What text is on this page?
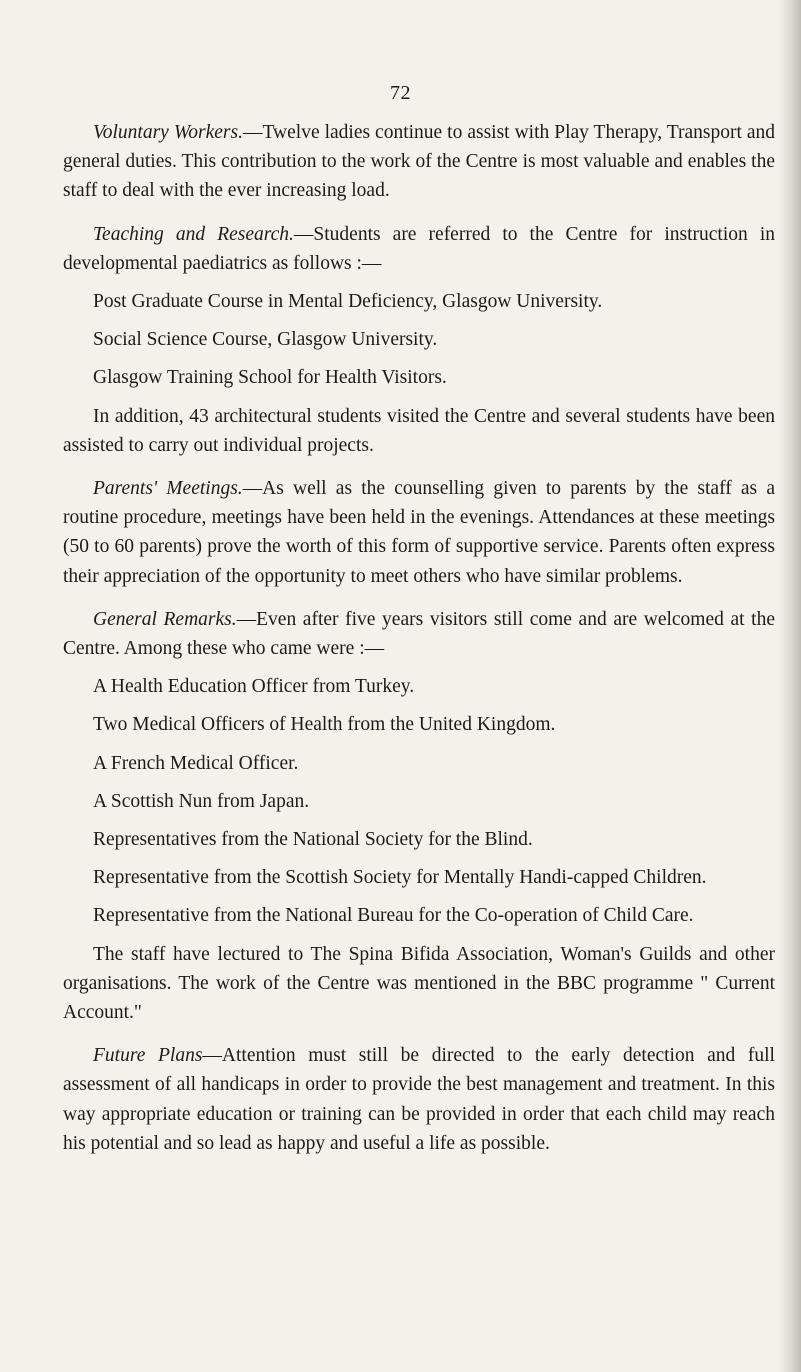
72

Voluntary Workers.—Twelve ladies continue to assist with Play Therapy, Transport and general duties. This contribution to the work of the Centre is most valuable and enables the staff to deal with the ever increasing load.

Teaching and Research.—Students are referred to the Centre for instruction in developmental paediatrics as follows :—

Post Graduate Course in Mental Deficiency, Glasgow University.
Social Science Course, Glasgow University.
Glasgow Training School for Health Visitors.

In addition, 43 architectural students visited the Centre and several students have been assisted to carry out individual projects.

Parents' Meetings.—As well as the counselling given to parents by the staff as a routine procedure, meetings have been held in the evenings. Attendances at these meetings (50 to 60 parents) prove the worth of this form of supportive service. Parents often express their appreciation of the opportunity to meet others who have similar problems.

General Remarks.—Even after five years visitors still come and are welcomed at the Centre. Among these who came were :—

A Health Education Officer from Turkey.
Two Medical Officers of Health from the United Kingdom.
A French Medical Officer.
A Scottish Nun from Japan.
Representatives from the National Society for the Blind.
Representative from the Scottish Society for Mentally Handi-capped Children.
Representative from the National Bureau for the Co-operation of Child Care.

The staff have lectured to The Spina Bifida Association, Woman's Guilds and other organisations. The work of the Centre was mentioned in the BBC programme " Current Account."

Future Plans—Attention must still be directed to the early detection and full assessment of all handicaps in order to provide the best management and treatment. In this way appropriate education or training can be provided in order that each child may reach his potential and so lead as happy and useful a life as possible.
